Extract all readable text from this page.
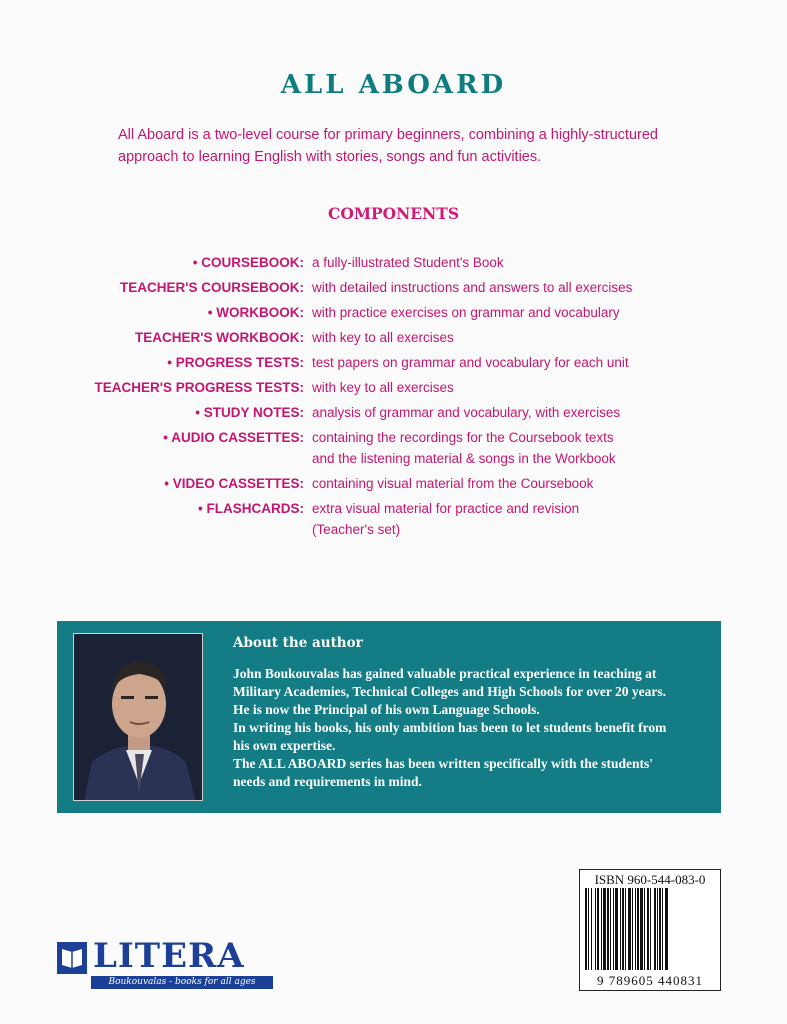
ALL ABOARD
All Aboard is a two-level course for primary beginners, combining a highly-structured
approach to learning English with stories, songs and fun activities.
COMPONENTS
• COURSEBOOK: a fully-illustrated Student's Book
TEACHER'S COURSEBOOK: with detailed instructions and answers to all exercises
• WORKBOOK: with practice exercises on grammar and vocabulary
TEACHER'S WORKBOOK: with key to all exercises
• PROGRESS TESTS: test papers on grammar and vocabulary for each unit
TEACHER'S PROGRESS TESTS: with key to all exercises
• STUDY NOTES: analysis of grammar and vocabulary, with exercises
• AUDIO CASSETTES: containing the recordings for the Coursebook texts
and the listening material & songs in the Workbook
• VIDEO CASSETTES: containing visual material from the Coursebook
• FLASHCARDS: extra visual material for practice and revision
(Teacher's set)
About the author
John Boukouvalas has gained valuable practical experience in teaching at
Military Academies, Technical Colleges and High Schools for over 20 years.
He is now the Principal of his own Language Schools.
In writing his books, his only ambition has been to let students benefit from
his own expertise.
The ALL ABOARD series has been written specifically with the students'
needs and requirements in mind.
ISBN 960-544-083-0
9 789605 440831
LITERA
Boukouvalas - books for all ages
